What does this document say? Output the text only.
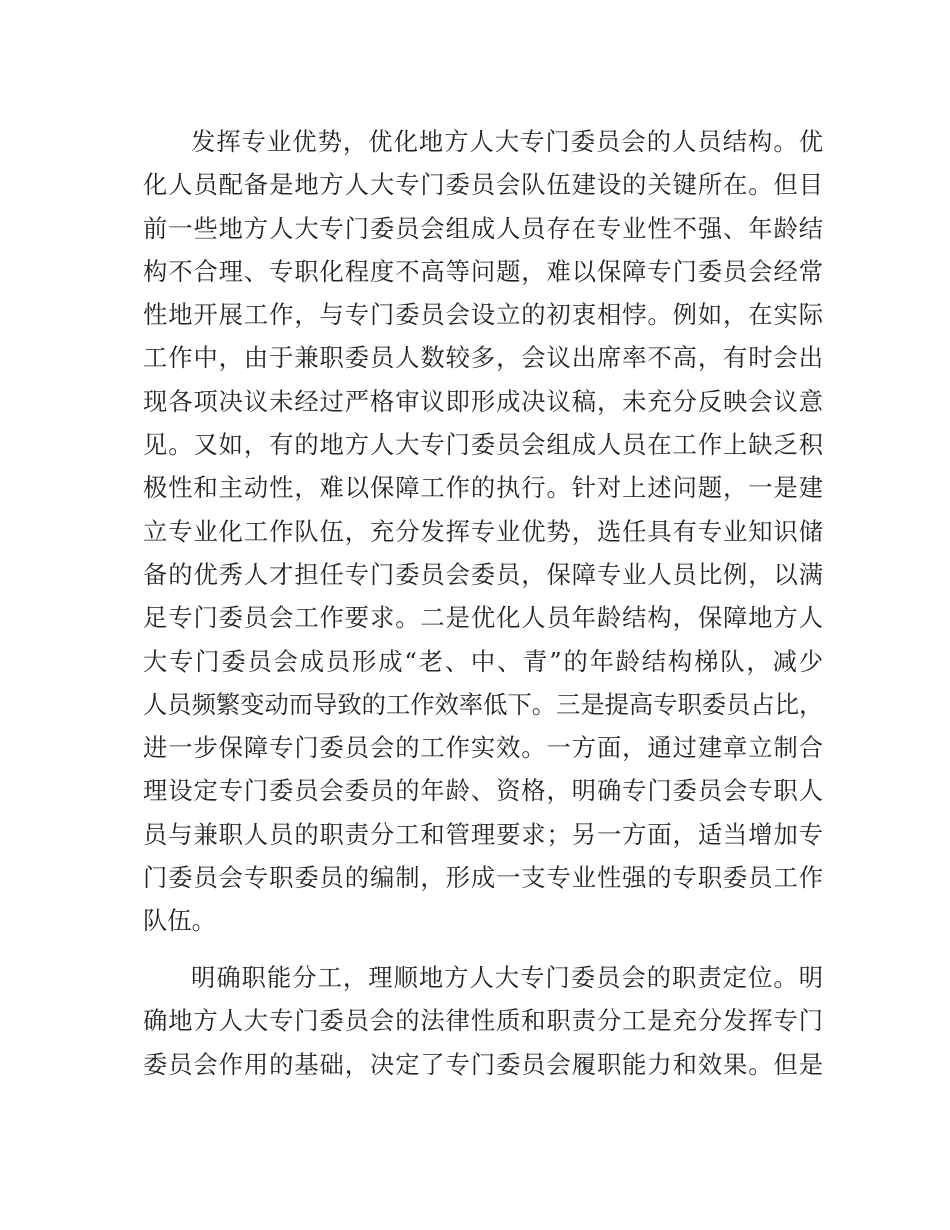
发挥专业优势，优化地方人大专门委员会的人员结构。优
化人员配备是地方人大专门委员会队伍建设的关键所在。但目
前一些地方人大专门委员会组成人员存在专业性不强、年龄结
构不合理、专职化程度不高等问题，难以保障专门委员会经常
性地开展工作，与专门委员会设立的初衷相悖。例如，在实际
工作中，由于兼职委员人数较多，会议出席率不高，有时会出
现各项决议未经过严格审议即形成决议稿，未充分反映会议意
见。又如，有的地方人大专门委员会组成人员在工作上缺乏积
极性和主动性，难以保障工作的执行。针对上述问题，一是建
立专业化工作队伍，充分发挥专业优势，选任具有专业知识储
备的优秀人才担任专门委员会委员，保障专业人员比例，以满
足专门委员会工作要求。二是优化人员年龄结构，保障地方人
大专门委员会成员形成“老、中、青”的年龄结构梯队，减少
人员频繁变动而导致的工作效率低下。三是提高专职委员占比，
进一步保障专门委员会的工作实效。一方面，通过建章立制合
理设定专门委员会委员的年龄、资格，明确专门委员会专职人
员与兼职人员的职责分工和管理要求；另一方面，适当增加专
门委员会专职委员的编制，形成一支专业性强的专职委员工作
队伍。
明确职能分工，理顺地方人大专门委员会的职责定位。明
确地方人大专门委员会的法律性质和职责分工是充分发挥专门
委员会作用的基础，决定了专门委员会履职能力和效果。但是
